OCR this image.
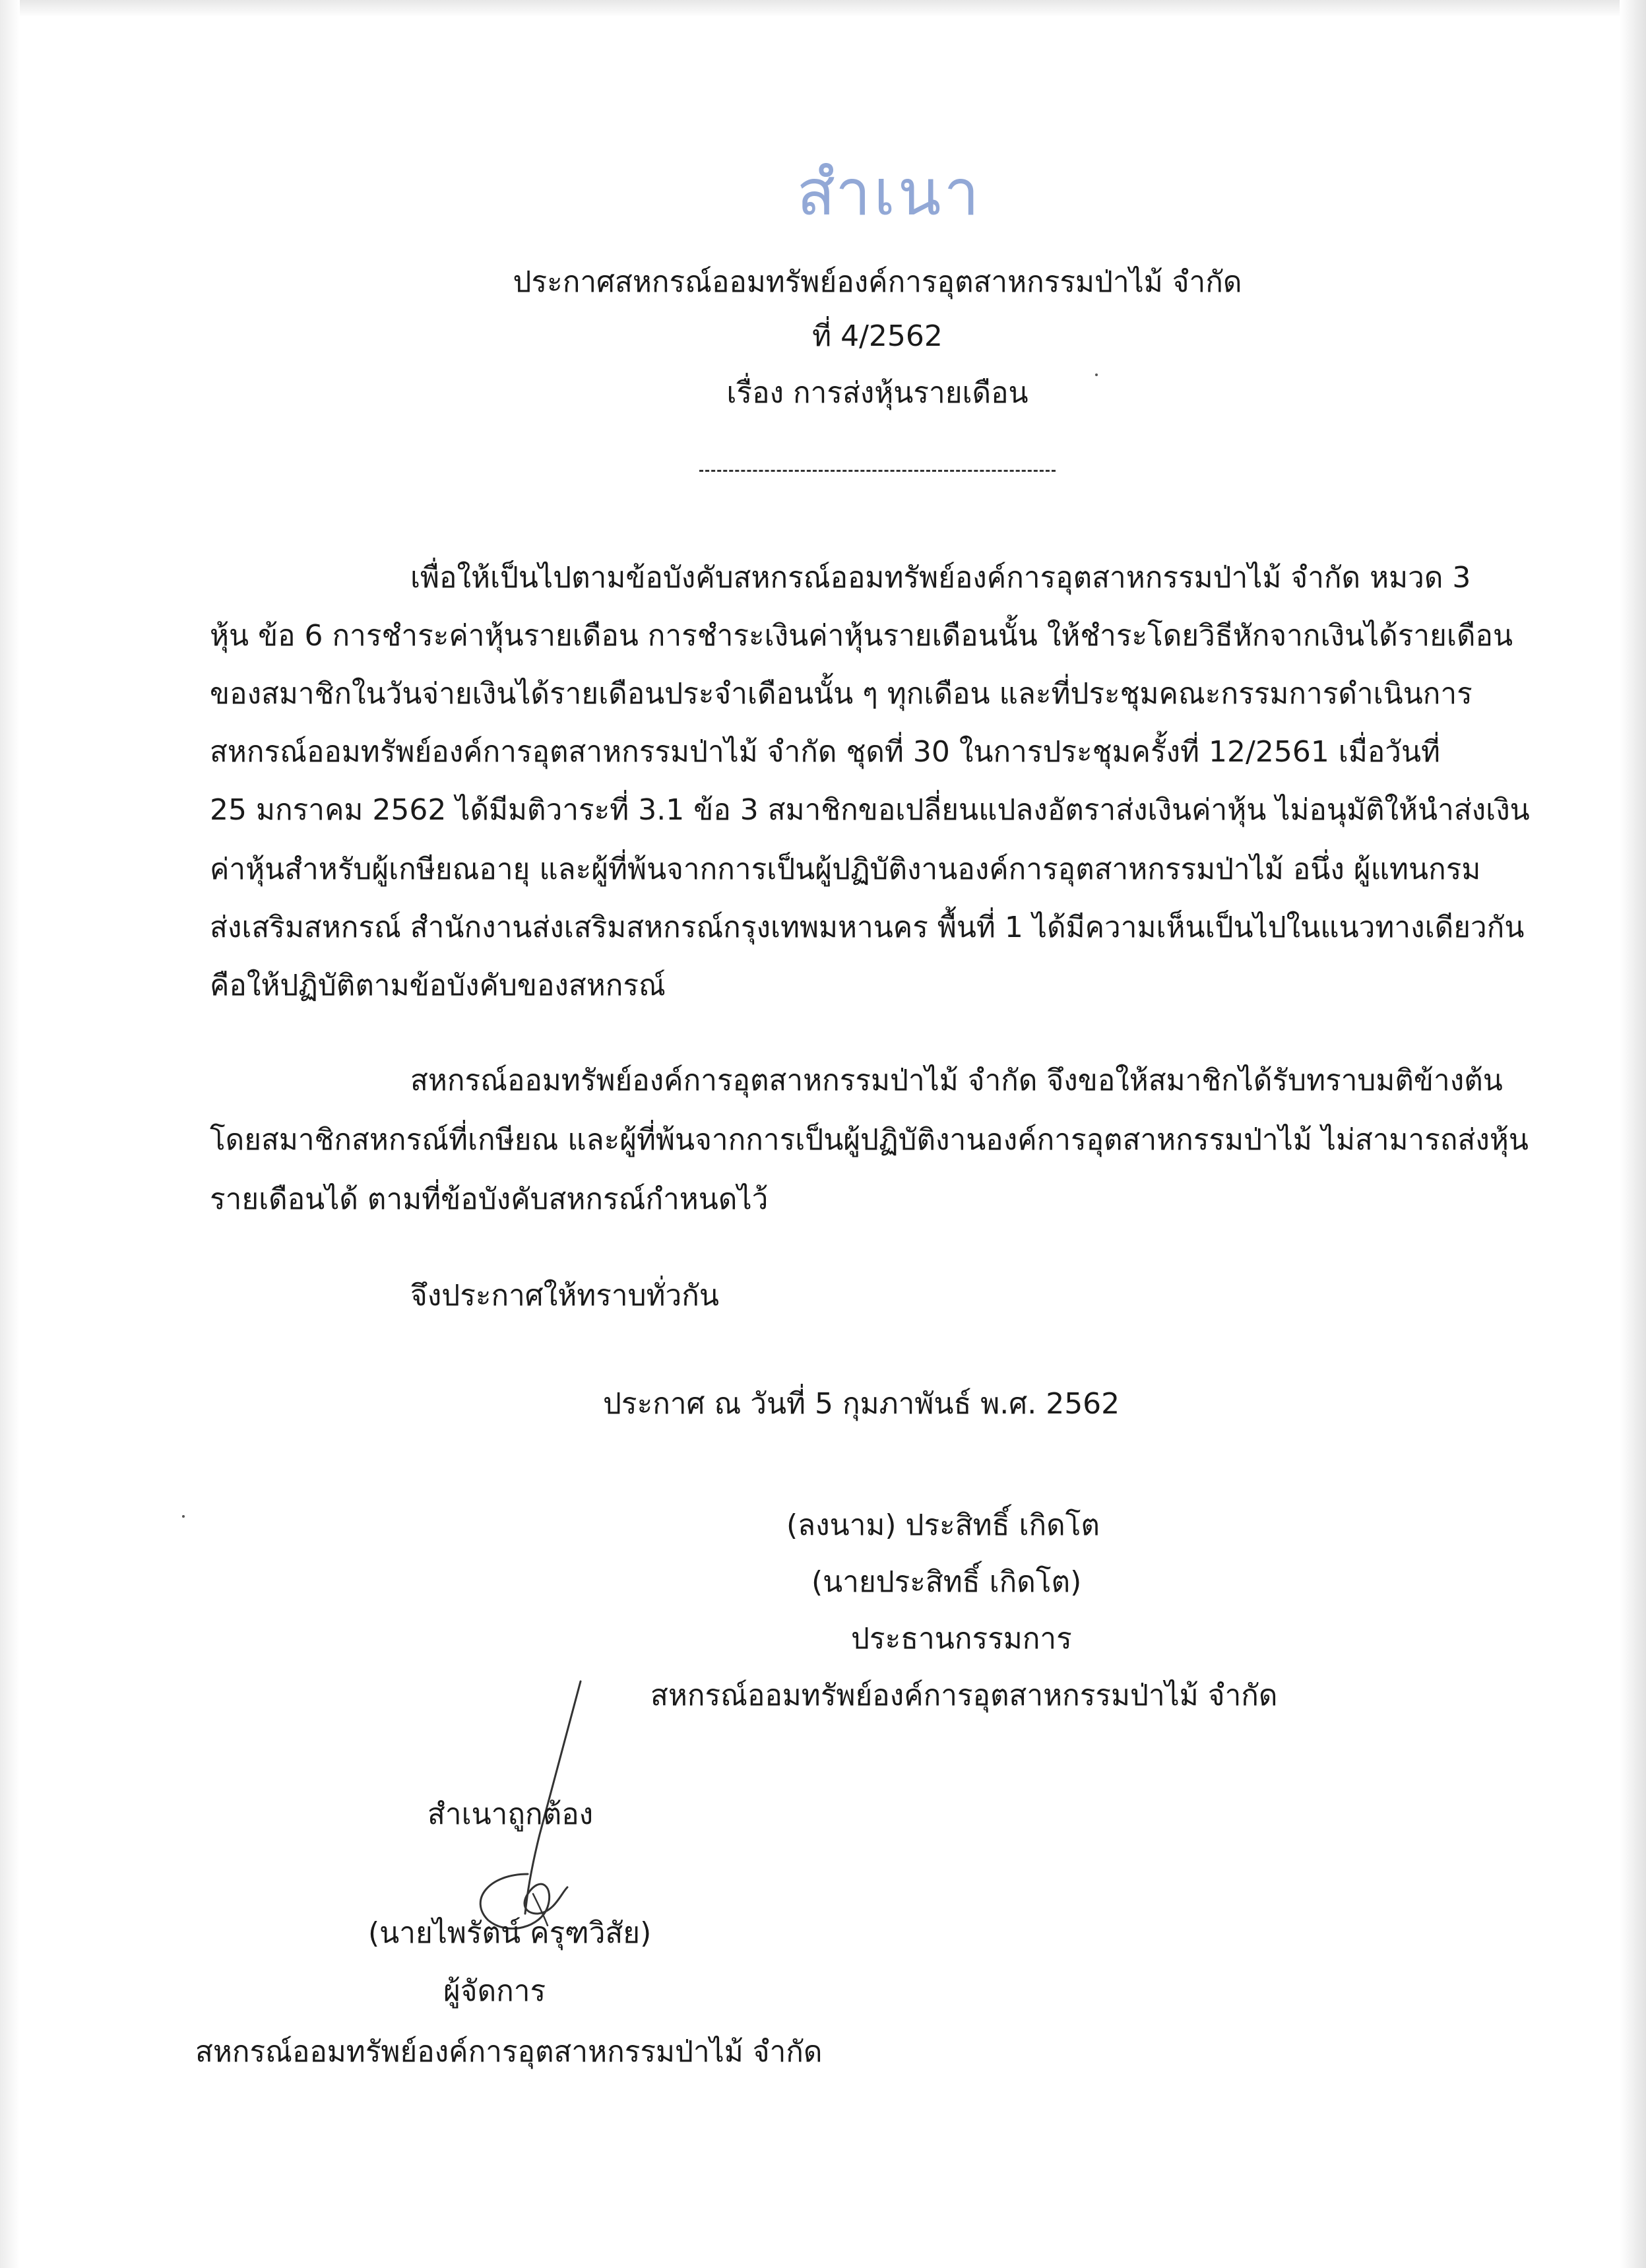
สำเนา
ประกาศสหกรณ์ออมทรัพย์องค์การอุตสาหกรรมป่าไม้ จำกัด
ที่ 4/2562
เรื่อง การส่งหุ้นรายเดือน
เพื่อให้เป็นไปตามข้อบังคับสหกรณ์ออมทรัพย์องค์การอุตสาหกรรมป่าไม้ จำกัด หมวด 3
หุ้น ข้อ 6 การชำระค่าหุ้นรายเดือน การชำระเงินค่าหุ้นรายเดือนนั้น ให้ชำระโดยวิธีหักจากเงินได้รายเดือน
ของสมาชิกในวันจ่ายเงินได้รายเดือนประจำเดือนนั้น ๆ ทุกเดือน และที่ประชุมคณะกรรมการดำเนินการ
สหกรณ์ออมทรัพย์องค์การอุตสาหกรรมป่าไม้ จำกัด ชุดที่ 30 ในการประชุมครั้งที่ 12/2561 เมื่อวันที่
25 มกราคม 2562 ได้มีมติวาระที่ 3.1 ข้อ 3 สมาชิกขอเปลี่ยนแปลงอัตราส่งเงินค่าหุ้น ไม่อนุมัติให้นำส่งเงิน
ค่าหุ้นสำหรับผู้เกษียณอายุ และผู้ที่พ้นจากการเป็นผู้ปฏิบัติงานองค์การอุตสาหกรรมป่าไม้ อนึ่ง ผู้แทนกรม
ส่งเสริมสหกรณ์ สำนักงานส่งเสริมสหกรณ์กรุงเทพมหานคร พื้นที่ 1 ได้มีความเห็นเป็นไปในแนวทางเดียวกัน
คือให้ปฏิบัติตามข้อบังคับของสหกรณ์
สหกรณ์ออมทรัพย์องค์การอุตสาหกรรมป่าไม้ จำกัด จึงขอให้สมาชิกได้รับทราบมติข้างต้น
โดยสมาชิกสหกรณ์ที่เกษียณ และผู้ที่พ้นจากการเป็นผู้ปฏิบัติงานองค์การอุตสาหกรรมป่าไม้ ไม่สามารถส่งหุ้น
รายเดือนได้ ตามที่ข้อบังคับสหกรณ์กำหนดไว้
จึงประกาศให้ทราบทั่วกัน
ประกาศ ณ วันที่ 5 กุมภาพันธ์ พ.ศ. 2562
(ลงนาม) ประสิทธิ์ เกิดโต
(นายประสิทธิ์ เกิดโต)
ประธานกรรมการ
สหกรณ์ออมทรัพย์องค์การอุตสาหกรรมป่าไม้ จำกัด
สำเนาถูกต้อง
(นายไพรัตน์ ครุฑวิสัย)
ผู้จัดการ
สหกรณ์ออมทรัพย์องค์การอุตสาหกรรมป่าไม้ จำกัด
